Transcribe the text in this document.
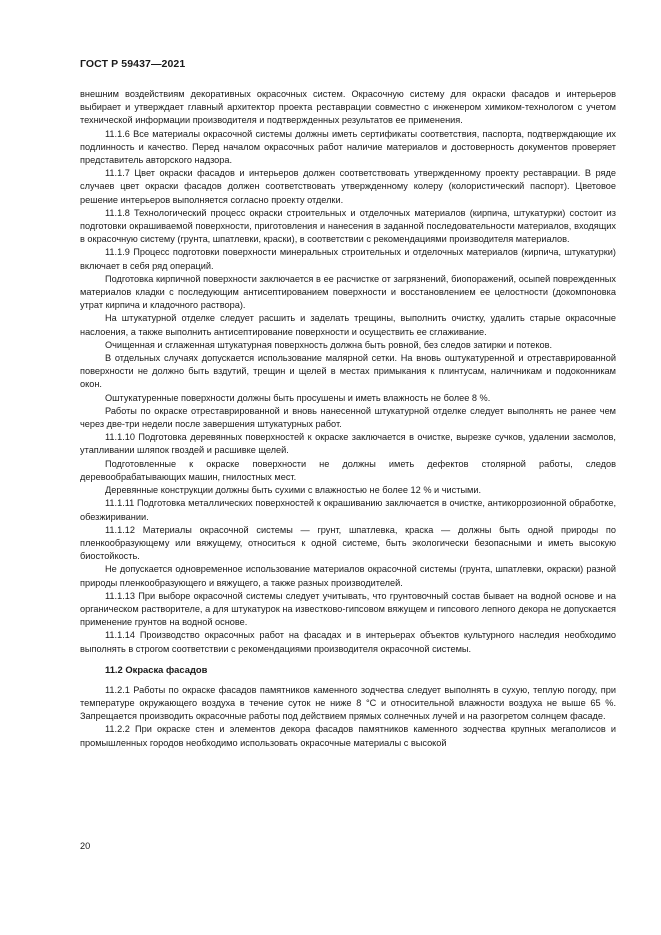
ГОСТ Р 59437—2021

внешним воздействиям декоративных окрасочных систем. Окрасочную систему для окраски фасадов и интерьеров выбирает и утверждает главный архитектор проекта реставрации совместно с инженером химиком-технологом с учетом технической информации производителя и подтвержденных результатов ее применения.

11.1.6 Все материалы окрасочной системы должны иметь сертификаты соответствия, паспорта, подтверждающие их подлинность и качество. Перед началом окрасочных работ наличие материалов и достоверность документов проверяет представитель авторского надзора.

11.1.7 Цвет окраски фасадов и интерьеров должен соответствовать утвержденному проекту реставрации. В ряде случаев цвет окраски фасадов должен соответствовать утвержденному колеру (колористический паспорт). Цветовое решение интерьеров выполняется согласно проекту отделки.

11.1.8 Технологический процесс окраски строительных и отделочных материалов (кирпича, штукатурки) состоит из подготовки окрашиваемой поверхности, приготовления и нанесения в заданной последовательности материалов, входящих в окрасочную систему (грунта, шпатлевки, краски), в соответствии с рекомендациями производителя материалов.

11.1.9 Процесс подготовки поверхности минеральных строительных и отделочных материалов (кирпича, штукатурки) включает в себя ряд операций.

Подготовка кирпичной поверхности заключается в ее расчистке от загрязнений, биопоражений, осыпей поврежденных материалов кладки с последующим антисептированием поверхности и восстановлением ее целостности (докомпоновка утрат кирпича и кладочного раствора).

На штукатурной отделке следует расшить и заделать трещины, выполнить очистку, удалить старые окрасочные наслоения, а также выполнить антисептирование поверхности и осуществить ее сглаживание.

Очищенная и сглаженная штукатурная поверхность должна быть ровной, без следов затирки и потеков.

В отдельных случаях допускается использование малярной сетки. На вновь оштукатуренной и отреставрированной поверхности не должно быть вздутий, трещин и щелей в местах примыкания к плинтусам, наличникам и подоконникам окон.

Оштукатуренные поверхности должны быть просушены и иметь влажность не более 8 %.

Работы по окраске отреставрированной и вновь нанесенной штукатурной отделке следует выполнять не ранее чем через две-три недели после завершения штукатурных работ.

11.1.10 Подготовка деревянных поверхностей к окраске заключается в очистке, вырезке сучков, удалении засмолов, утапливании шляпок гвоздей и расшивке щелей.

Подготовленные к окраске поверхности не должны иметь дефектов столярной работы, следов деревообрабатывающих машин, гнилостных мест.

Деревянные конструкции должны быть сухими с влажностью не более 12 % и чистыми.

11.1.11 Подготовка металлических поверхностей к окрашиванию заключается в очистке, антикоррозионной обработке, обезжиривании.

11.1.12 Материалы окрасочной системы — грунт, шпатлевка, краска — должны быть одной природы по пленкообразующему или вяжущему, относиться к одной системе, быть экологически безопасными и иметь высокую биостойкость.

Не допускается одновременное использование материалов окрасочной системы (грунта, шпатлевки, окраски) разной природы пленкообразующего и вяжущего, а также разных производителей.

11.1.13 При выборе окрасочной системы следует учитывать, что грунтовочный состав бывает на водной основе и на органическом растворителе, а для штукатурок на известково-гипсовом вяжущем и гипсового лепного декора не допускается применение грунтов на водной основе.

11.1.14 Производство окрасочных работ на фасадах и в интерьерах объектов культурного наследия необходимо выполнять в строгом соответствии с рекомендациями производителя окрасочной системы.

11.2 Окраска фасадов

11.2.1 Работы по окраске фасадов памятников каменного зодчества следует выполнять в сухую, теплую погоду, при температуре окружающего воздуха в течение суток не ниже 8 °С и относительной влажности воздуха не выше 65 %. Запрещается производить окрасочные работы под действием прямых солнечных лучей и на разогретом солнцем фасаде.

11.2.2 При окраске стен и элементов декора фасадов памятников каменного зодчества крупных мегаполисов и промышленных городов необходимо использовать окрасочные материалы с высокой

20
